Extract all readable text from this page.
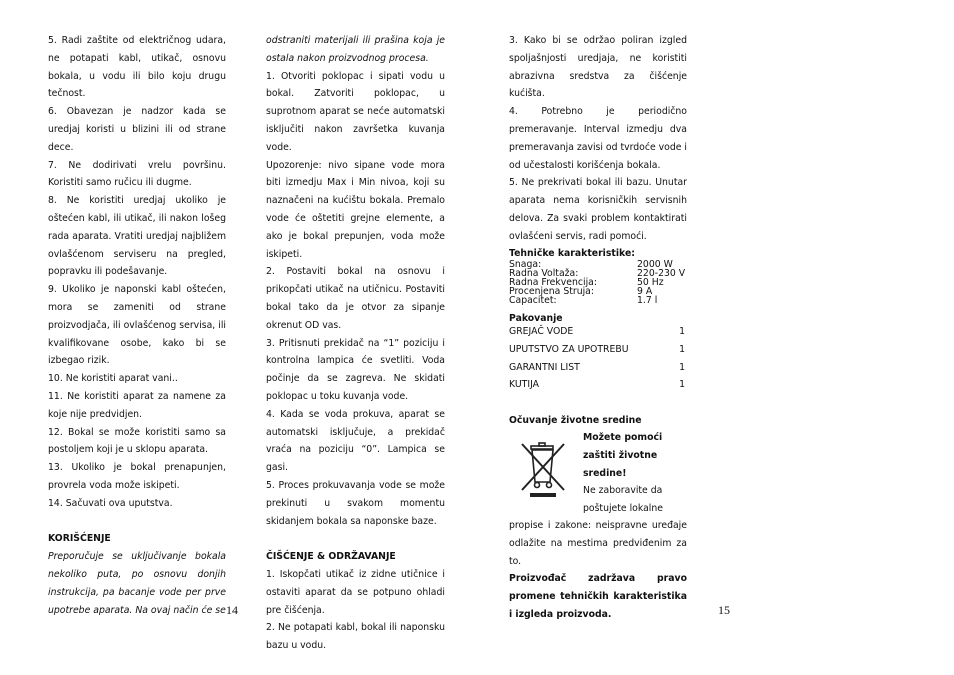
5. Radi zaštite od električnog udara, ne potapati kabl, utikač, osnovu bokala, u vodu ili bilo koju drugu tečnost.

6. Obavezan je nadzor kada se uredjaj koristi u blizini ili od strane dece.

7. Ne dodirivati vrelu površinu. Koristiti samo ručicu ili dugme.

8. Ne koristiti uredjaj ukoliko je oštećen kabl, ili utikač, ili nakon lošeg rada aparata. Vratiti uredjaj najbližem ovlašćenom serviseru na pregled, popravku ili podešavanje.

9. Ukoliko je naponski kabl oštećen, mora se zameniti od strane proizvodjača, ili ovlašćenog servisa, ili kvalifikovane osobe, kako bi se izbegao rizik.

10. Ne koristiti aparat vani..

11. Ne koristiti aparat za namene za koje nije predvidjen.

12. Bokal se može koristiti samo sa postoljem koji je u sklopu aparata.

13. Ukoliko je bokal prenapunjen, provrela voda može iskipeti.

14. Sačuvati ova uputstva.

KORIŠĆENJE

Preporučuje se uključivanje bokala nekoliko puta, po osnovu donjih instrukcija, pa bacanje vode per prve upotrebe aparata. Na ovaj način će se

odstraniti materijali ili prašina koja je ostala nakon proizvodnog procesa.

1. Otvoriti poklopac i sipati vodu u bokal. Zatvoriti poklopac, u suprotnom aparat se neće automatski isključiti nakon završetka kuvanja vode.

Upozorenje: nivo sipane vode mora biti izmedju Max i Min nivoa, koji su naznačeni na kućištu bokala. Premalo vode će oštetiti grejne elemente, a ako je bokal prepunjen, voda može iskipeti.

2. Postaviti bokal na osnovu i prikopčati utikač na utičnicu. Postaviti bokal tako da je otvor za sipanje okrenut OD vas.

3. Pritisnuti prekidač na “1” poziciju i kontrolna lampica će svetliti. Voda počinje da se zagreva. Ne skidati poklopac u toku kuvanja vode.

4. Kada se voda prokuva, aparat se automatski isključuje, a prekidač vraća na poziciju “0”. Lampica se gasi.

5. Proces prokuvavanja vode se može prekinuti u svakom momentu skidanjem bokala sa naponske baze.

ČIŠĆENJE & ODRŽAVANJE

1. Iskopčati utikač iz zidne utičnice i ostaviti aparat da se potpuno ohladi pre čišćenja.

2. Ne potapati kabl, bokal ili naponsku bazu u vodu.

14

3. Kako bi se održao poliran izgled spoljašnjosti uredjaja, ne koristiti abrazivna sredstva za čišćenje kućišta.

4. Potrebno je periodično premeravanje. Interval izmedju dva premeravanja zavisi od tvrdoće vode i od učestalosti korišćenja bokala.

5. Ne prekrivati bokal ili bazu. Unutar aparata nema korisničkih servisnih delova. Za svaki problem kontaktirati ovlašćeni servis, radi pomoći.

Tehničke karakteristike:
Snaga:	2000 W
Radna Voltaža:	220-230 V
Radna Frekvencija:	50 Hz
Procenjena Struja:	9 A
Capacitet:	1.7 l
Pakovanje
GREJAČ VODE	1
UPUTSTVO ZA UPOTREBU	1
GARANTNI LIST	1
KUTIJA	1
Očuvanje životne sredine
Možete pomoći
zaštiti životne
sredine!
Ne zaboravite da
poštujete lokalne

propise i zakone: neispravne uređaje odlažite na mestima predviđenim za to.

Proizvođač zadržava pravo promene tehničkih karakteristika i izgleda proizvoda.	15
